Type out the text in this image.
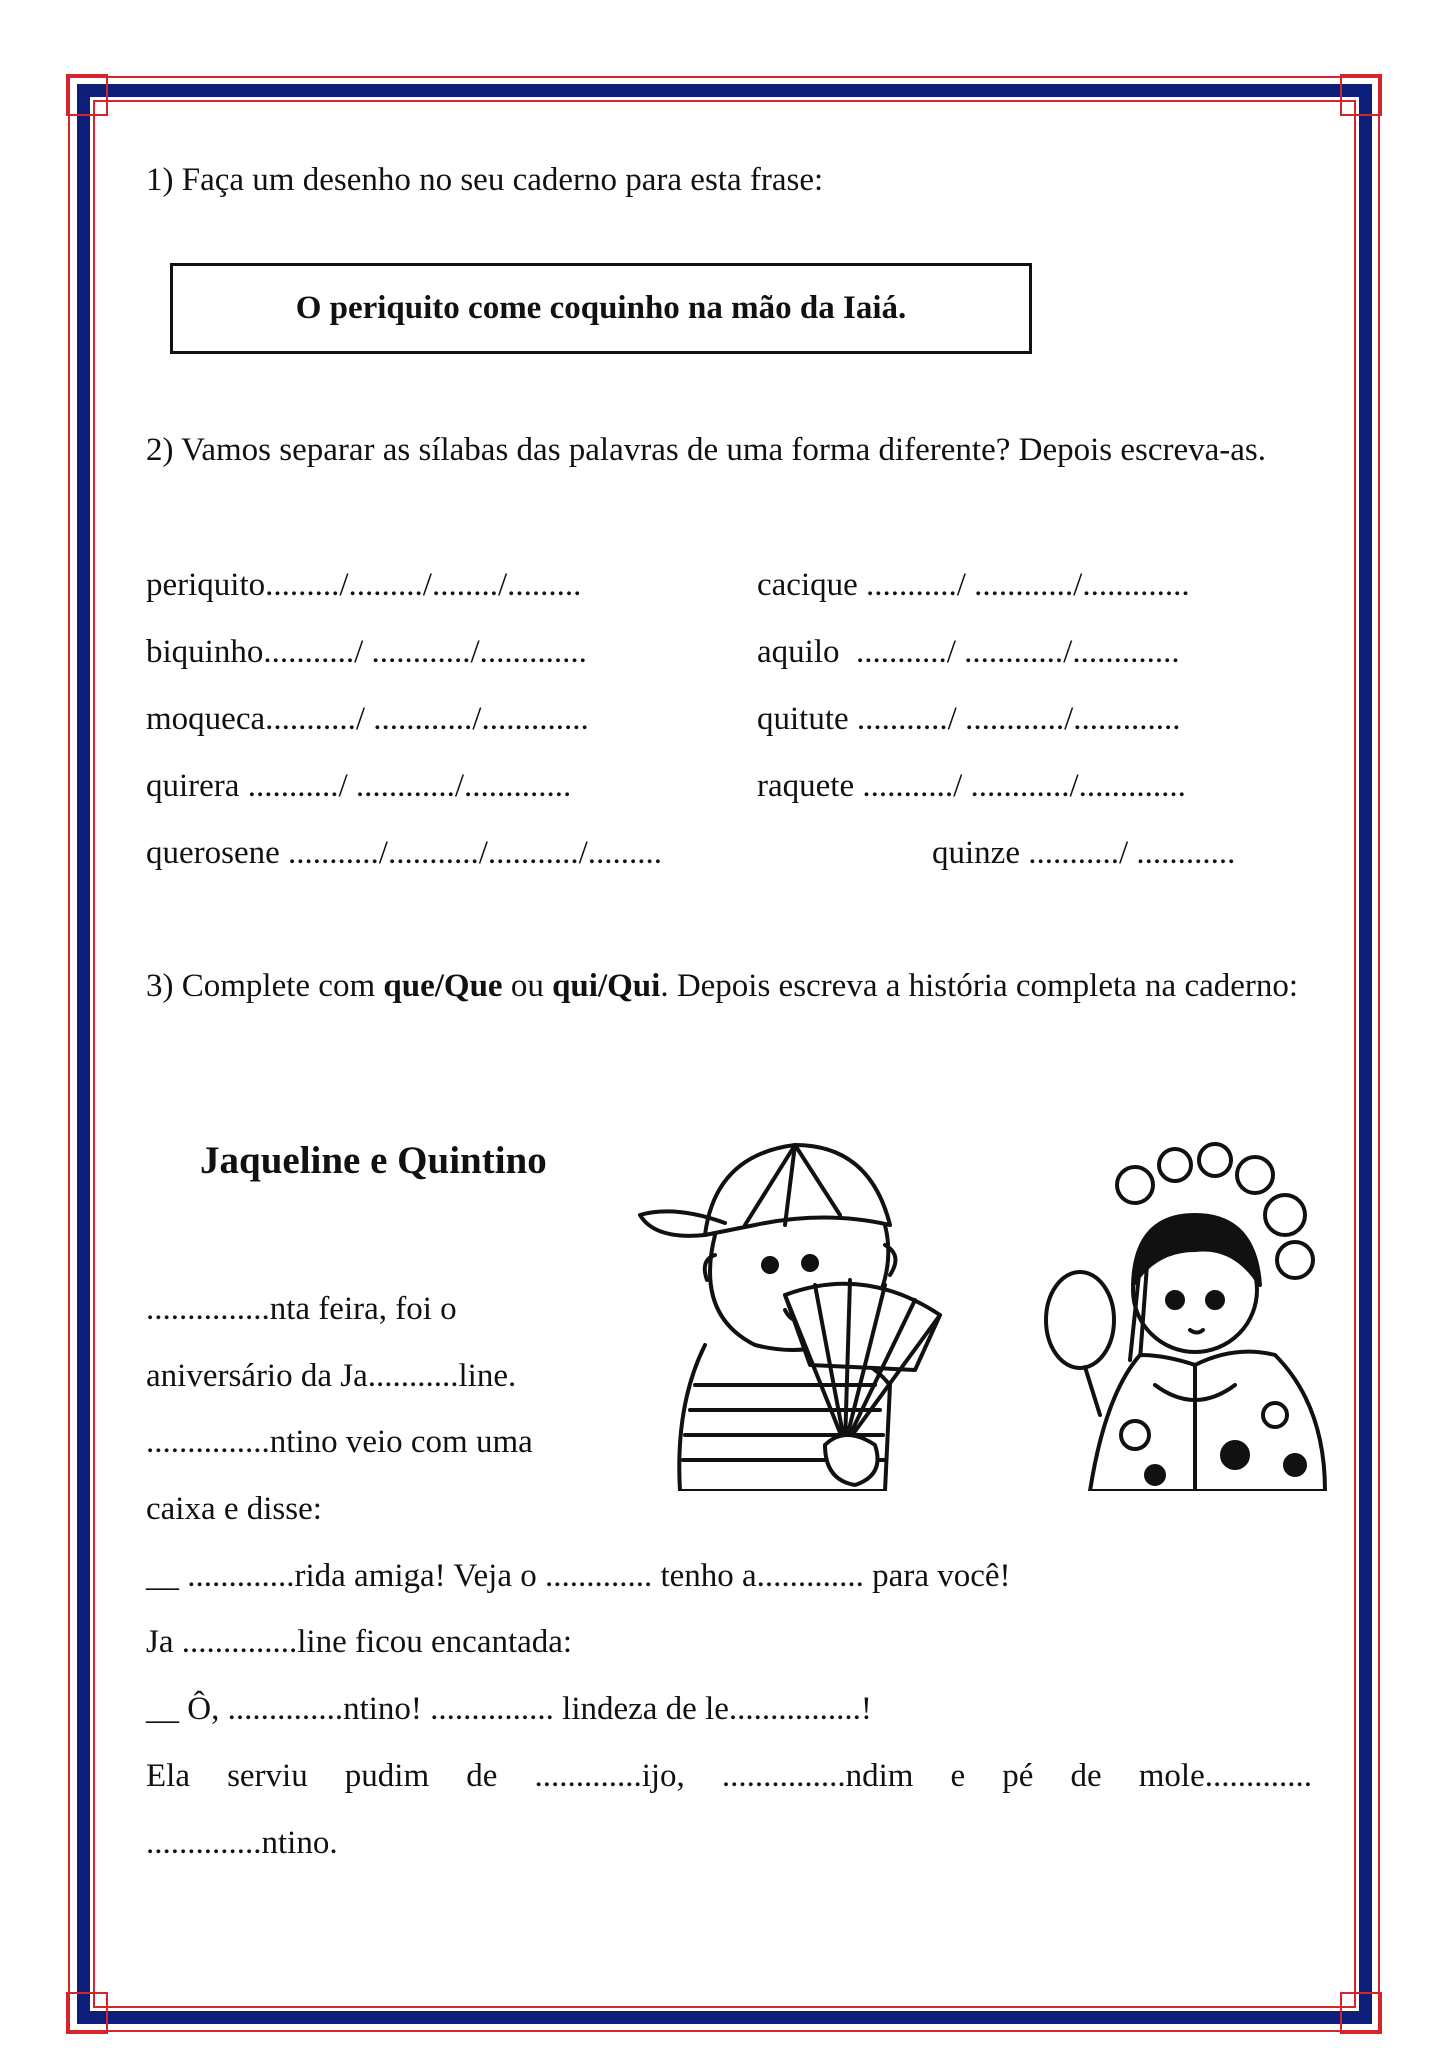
1) Faça um desenho no seu caderno para esta frase:
O periquito come coquinho na mão da Iaiá.
2) Vamos separar as sílabas das palavras de uma forma diferente? Depois escreva-as.
periquito........./........./......../.........
biquinho.........../ ............/.............
moqueca.........../ ............/.............
quirera .........../ ............/.............
querosene .........../.........../.........../.........
cacique .........../ ............/.............
aquilo  .........../ ............/.............
quitute .........../ ............/.............
raquete .........../ ............/.............
quinze .........../ ............
3) Complete com que/Que ou qui/Qui. Depois escreva a história completa na caderno:
Jaqueline e Quintino
...............nta feira, foi o
aniversário da Ja...........line.
...............ntino veio com uma
caixa e disse:
__ .............rida amiga! Veja o ............. tenho a............. para você!
Ja ..............line ficou encantada:
__ Ô, ..............ntino! ............... lindeza de le................!
Ela serviu pudim de .............ijo, ...............ndim e pé de mole.............
..............ntino.
